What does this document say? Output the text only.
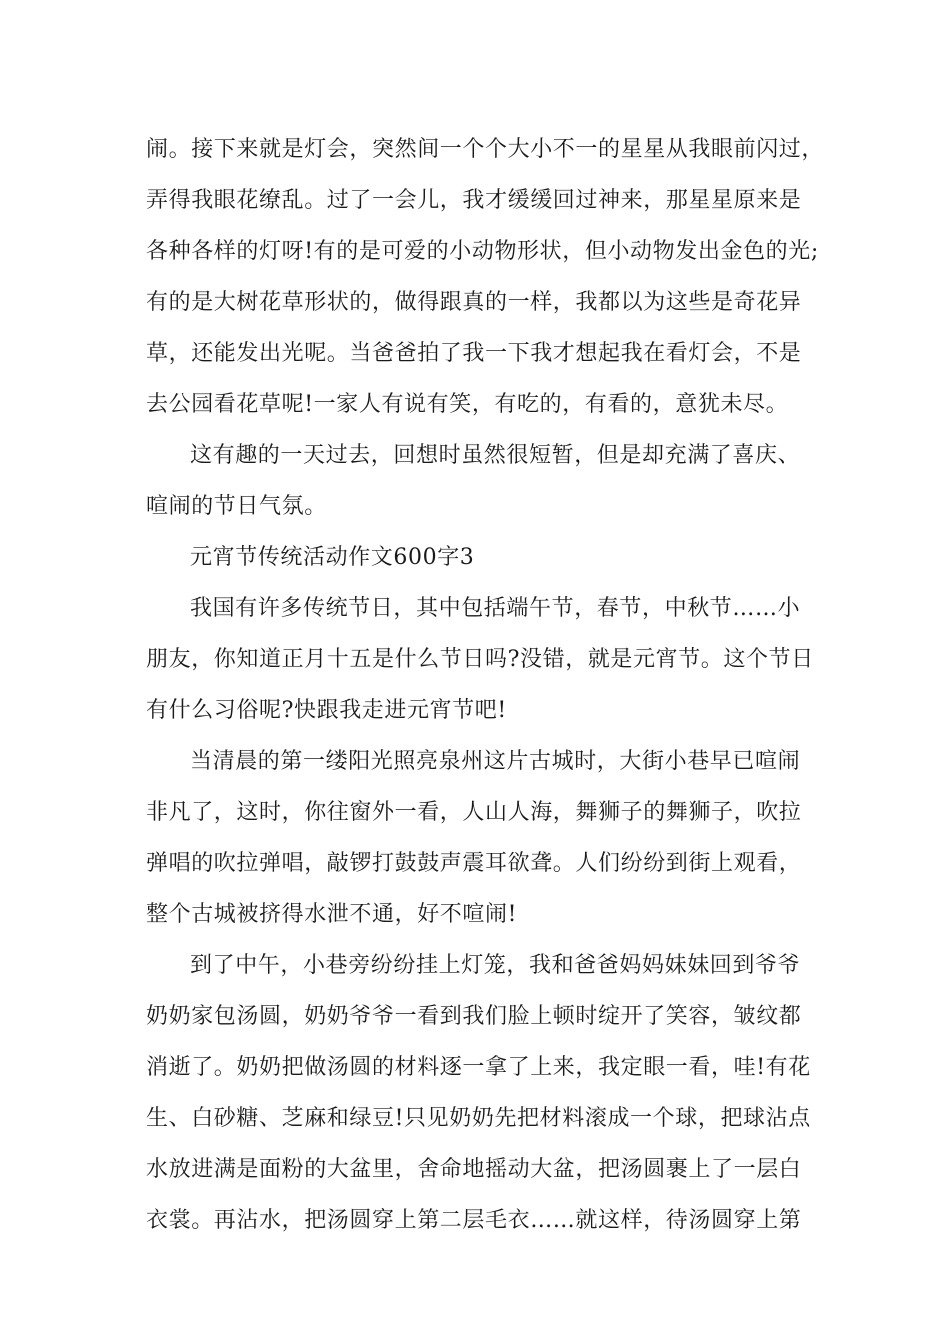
闹。接下来就是灯会，突然间一个个大小不一的星星从我眼前闪过，
弄得我眼花缭乱。过了一会儿，我才缓缓回过神来，那星星原来是
各种各样的灯呀!有的是可爱的小动物形状，但小动物发出金色的光;
有的是大树花草形状的，做得跟真的一样，我都以为这些是奇花异
草，还能发出光呢。当爸爸拍了我一下我才想起我在看灯会，不是
去公园看花草呢!一家人有说有笑，有吃的，有看的，意犹未尽。
这有趣的一天过去，回想时虽然很短暂，但是却充满了喜庆、
喧闹的节日气氛。
元宵节传统活动作文600字3
我国有许多传统节日，其中包括端午节，春节，中秋节……小
朋友，你知道正月十五是什么节日吗?没错，就是元宵节。这个节日
有什么习俗呢?快跟我走进元宵节吧!
当清晨的第一缕阳光照亮泉州这片古城时，大街小巷早已喧闹
非凡了，这时，你往窗外一看，人山人海，舞狮子的舞狮子，吹拉
弹唱的吹拉弹唱，敲锣打鼓鼓声震耳欲聋。人们纷纷到街上观看，
整个古城被挤得水泄不通，好不喧闹!
到了中午，小巷旁纷纷挂上灯笼，我和爸爸妈妈妹妹回到爷爷
奶奶家包汤圆，奶奶爷爷一看到我们脸上顿时绽开了笑容，皱纹都
消逝了。奶奶把做汤圆的材料逐一拿了上来，我定眼一看，哇!有花
生、白砂糖、芝麻和绿豆!只见奶奶先把材料滚成一个球，把球沾点
水放进满是面粉的大盆里，舍命地摇动大盆，把汤圆裹上了一层白
衣裳。再沾水，把汤圆穿上第二层毛衣……就这样，待汤圆穿上第
